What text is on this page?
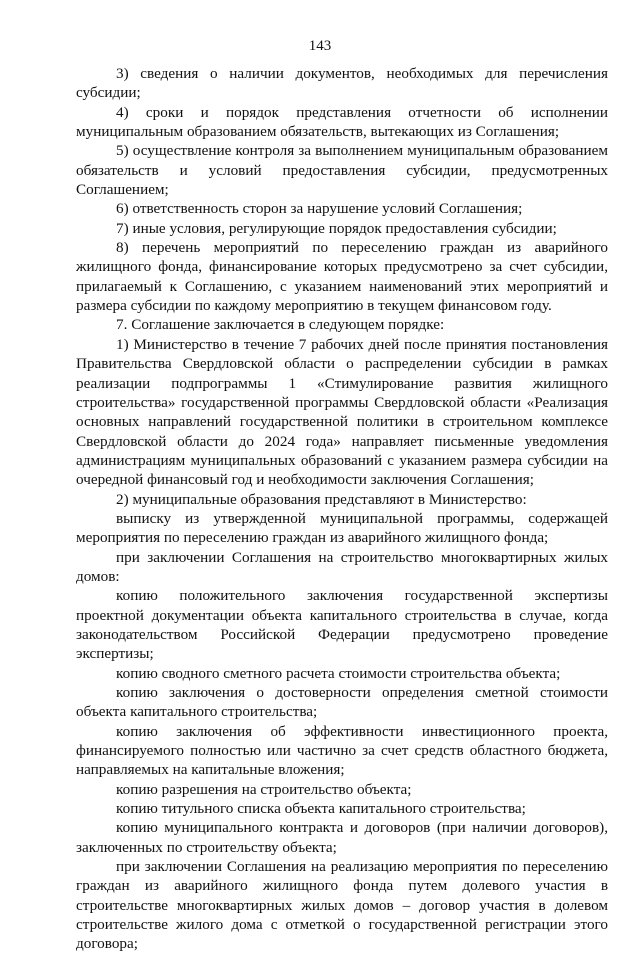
143

3) сведения о наличии документов, необходимых для перечисления субсидии;

4) сроки и порядок представления отчетности об исполнении муниципальным образованием обязательств, вытекающих из Соглашения;

5) осуществление контроля за выполнением муниципальным образованием обязательств и условий предоставления субсидии, предусмотренных Соглашением;

6) ответственность сторон за нарушение условий Соглашения;

7) иные условия, регулирующие порядок предоставления субсидии;

8) перечень мероприятий по переселению граждан из аварийного жилищного фонда, финансирование которых предусмотрено за счет субсидии, прилагаемый к Соглашению, с указанием наименований этих мероприятий и размера субсидии по каждому мероприятию в текущем финансовом году.

7. Соглашение заключается в следующем порядке:

1) Министерство в течение 7 рабочих дней после принятия постановления Правительства Свердловской области о распределении субсидии в рамках реализации подпрограммы 1 «Стимулирование развития жилищного строительства» государственной программы Свердловской области «Реализация основных направлений государственной политики в строительном комплексе Свердловской области до 2024 года» направляет письменные уведомления администрациям муниципальных образований с указанием размера субсидии на очередной финансовый год и необходимости заключения Соглашения;

2) муниципальные образования представляют в Министерство:

выписку из утвержденной муниципальной программы, содержащей мероприятия по переселению граждан из аварийного жилищного фонда;

при заключении Соглашения на строительство многоквартирных жилых домов:

копию положительного заключения государственной экспертизы проектной документации объекта капитального строительства в случае, когда законодательством Российской Федерации предусмотрено проведение экспертизы;

копию сводного сметного расчета стоимости строительства объекта;

копию заключения о достоверности определения сметной стоимости объекта капитального строительства;

копию заключения об эффективности инвестиционного проекта, финансируемого полностью или частично за счет средств областного бюджета, направляемых на капитальные вложения;

копию разрешения на строительство объекта;

копию титульного списка объекта капитального строительства;

копию муниципального контракта и договоров (при наличии договоров), заключенных по строительству объекта;

при заключении Соглашения на реализацию мероприятия по переселению граждан из аварийного жилищного фонда путем долевого участия в строительстве многоквартирных жилых домов – договор участия в долевом строительстве жилого дома с отметкой о государственной регистрации этого договора;
